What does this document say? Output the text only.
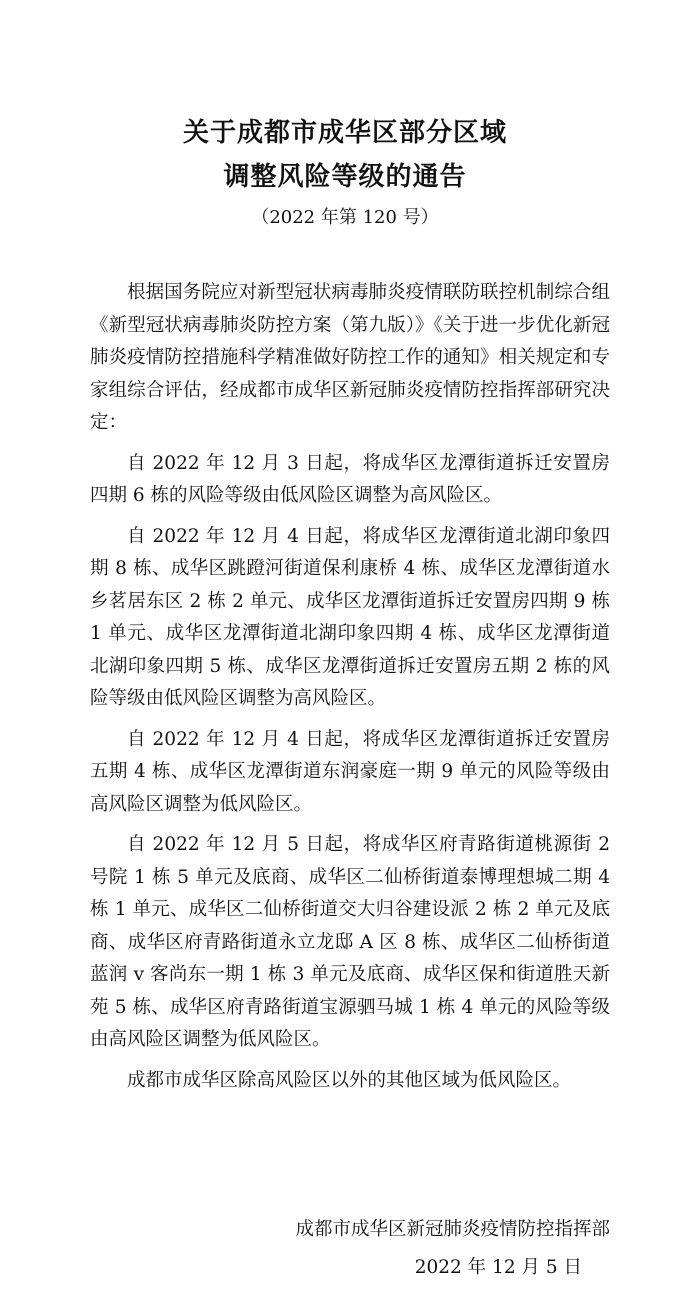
关于成都市成华区部分区域
调整风险等级的通告
（2022 年第 120 号）

根据国务院应对新型冠状病毒肺炎疫情联防联控机制综合组《新型冠状病毒肺炎防控方案（第九版）》《关于进一步优化新冠肺炎疫情防控措施科学精准做好防控工作的通知》相关规定和专家组综合评估，经成都市成华区新冠肺炎疫情防控指挥部研究决定：

自 2022 年 12 月 3 日起，将成华区龙潭街道拆迁安置房四期 6 栋的风险等级由低风险区调整为高风险区。

自 2022 年 12 月 4 日起，将成华区龙潭街道北湖印象四期 8 栋、成华区跳蹬河街道保利康桥 4 栋、成华区龙潭街道水乡茗居东区 2 栋 2 单元、成华区龙潭街道拆迁安置房四期 9 栋 1 单元、成华区龙潭街道北湖印象四期 4 栋、成华区龙潭街道北湖印象四期 5 栋、成华区龙潭街道拆迁安置房五期 2 栋的风险等级由低风险区调整为高风险区。

自 2022 年 12 月 4 日起，将成华区龙潭街道拆迁安置房五期 4 栋、成华区龙潭街道东润豪庭一期 9 单元的风险等级由高风险区调整为低风险区。

自 2022 年 12 月 5 日起，将成华区府青路街道桃源街 2 号院 1 栋 5 单元及底商、成华区二仙桥街道泰博理想城二期 4 栋 1 单元、成华区二仙桥街道交大归谷建设派 2 栋 2 单元及底商、成华区府青路街道永立龙邸 A 区 8 栋、成华区二仙桥街道蓝润 v 客尚东一期 1 栋 3 单元及底商、成华区保和街道胜天新苑 5 栋、成华区府青路街道宝源驷马城 1 栋 4 单元的风险等级由高风险区调整为低风险区。

成都市成华区除高风险区以外的其他区域为低风险区。

成都市成华区新冠肺炎疫情防控指挥部
2022 年 12 月 5 日
